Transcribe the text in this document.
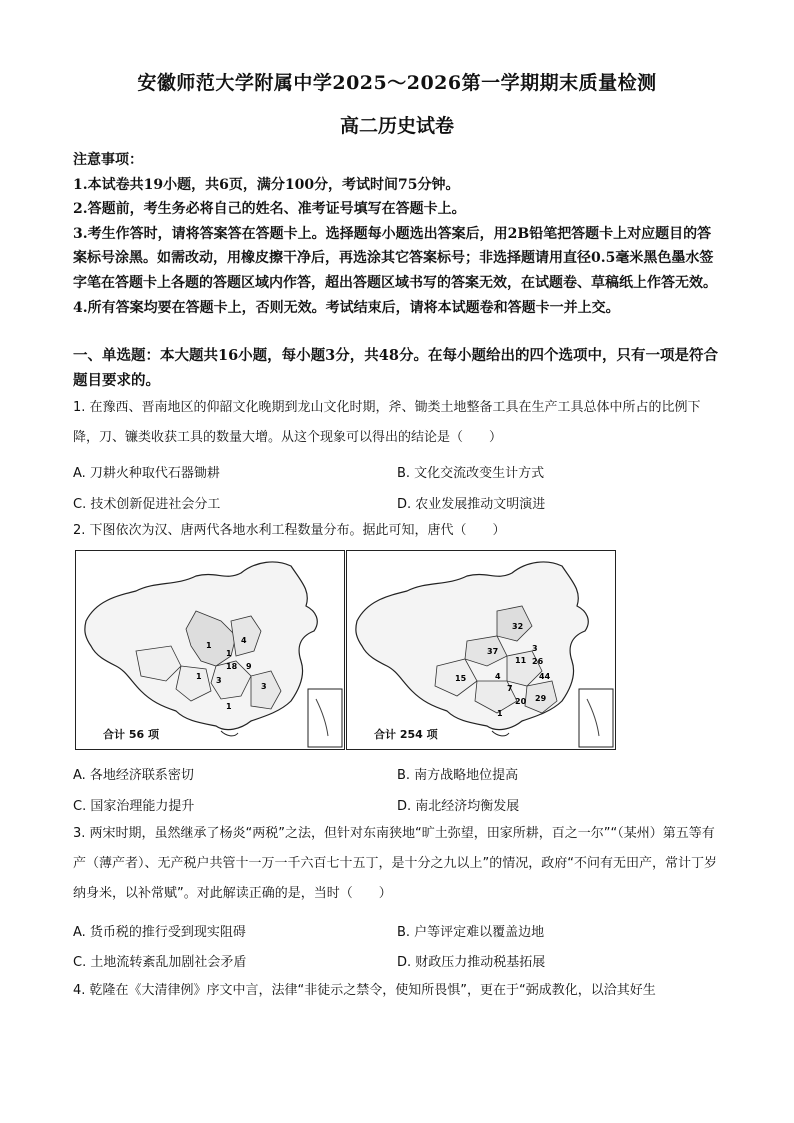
安徽师范大学附属中学2025～2026第一学期期末质量检测
高二历史试卷

注意事项：

1.本试卷共19小题，共6页，满分100分，考试时间75分钟。

2.答题前，考生务必将自己的姓名、准考证号填写在答题卡上。

3.考生作答时，请将答案答在答题卡上。选择题每小题选出答案后，用2B铅笔把答题卡上对应题目的答案标号涂黑。如需改动，用橡皮擦干净后，再选涂其它答案标号；非选择题请用直径0.5毫米黑色墨水签字笔在答题卡上各题的答题区域内作答，超出答题区域书写的答案无效，在试题卷、草稿纸上作答无效。

4.所有答案均要在答题卡上，否则无效。考试结束后，请将本试题卷和答题卡一并上交。

一、单选题：本大题共16小题，每小题3分，共48分。在每小题给出的四个选项中，只有一项是符合题目要求的。
1. 在豫西、晋南地区的仰韶文化晚期到龙山文化时期，斧、锄类土地整备工具在生产工具总体中所占的比例下降，刀、镰类收获工具的数量大增。从这个现象可以得出的结论是（　　）
A. 刀耕火种取代石器锄耕	B. 文化交流改变生计方式
C. 技术创新促进社会分工	D. 农业发展推动文明演进
2. 下图依次为汉、唐两代各地水利工程数量分布。据此可知，唐代（　　）
1
4
1
18 9
3
1
3
1
合计 56 项
32
37
11
15	4
3
7
44
20 29
26
1
合计 254 项
A. 各地经济联系密切	B. 南方战略地位提高
C. 国家治理能力提升	D. 南北经济均衡发展
3. 两宋时期，虽然继承了杨炎“两税”之法，但针对东南狭地“旷土弥望，田家所耕，百之一尔”“（某州）第五等有产（薄产者）、无产税户共管十一万一千六百七十五丁，是十分之九以上”的情况，政府“不问有无田产，常计丁岁纳身米，以补常赋”。对此解读正确的是，当时（　　）
A. 货币税的推行受到现实阻碍	B. 户等评定难以覆盖边地
C. 土地流转紊乱加剧社会矛盾	D. 财政压力推动税基拓展
4. 乾隆在《大清律例》序文中言，法律“非徒示之禁令，使知所畏惧”，更在于“弼成教化，以洽其好生
